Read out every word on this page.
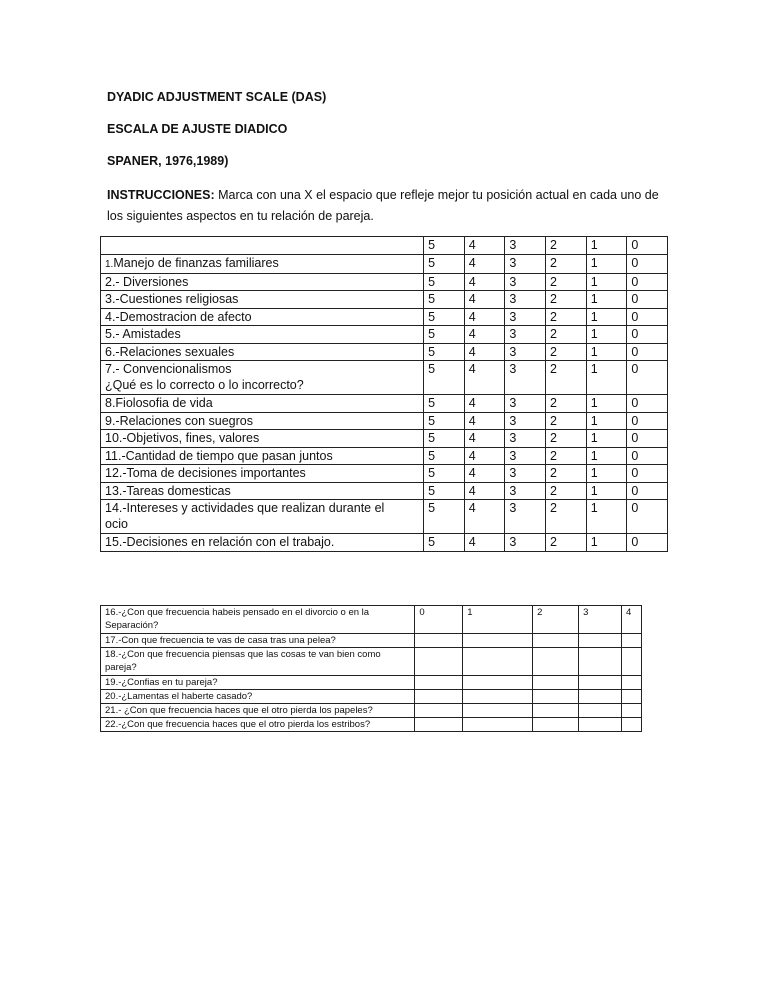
DYADIC ADJUSTMENT SCALE (DAS)
ESCALA DE AJUSTE DIADICO
SPANER, 1976,1989)
INSTRUCCIONES: Marca con una X el espacio que refleje mejor tu posición actual en cada uno de los siguientes aspectos en tu relación de pareja.
	5	4	3	2	1	0
1.Manejo de finanzas familiares	5	4	3	2	1	0
2.- Diversiones	5	4	3	2	1	0
3.-Cuestiones religiosas	5	4	3	2	1	0
4.-Demostracion de afecto	5	4	3	2	1	0
5.- Amistades	5	4	3	2	1	0
6.-Relaciones sexuales	5	4	3	2	1	0
7.- Convencionalismos
¿Qué es lo correcto o lo incorrecto?	5	4	3	2	1	0
8.Fiolosofia de vida	5	4	3	2	1	0
9.-Relaciones con suegros	5	4	3	2	1	0
10.-Objetivos, fines, valores	5	4	3	2	1	0
11.-Cantidad de tiempo que pasan juntos	5	4	3	2	1	0
12.-Toma de decisiones importantes	5	4	3	2	1	0
13.-Tareas domesticas	5	4	3	2	1	0
14.-Intereses y actividades que realizan durante el
ocio	5	4	3	2	1	0
15.-Decisiones en relación con el trabajo.	5	4	3	2	1	0
16.-¿Con que frecuencia habeis pensado en el divorcio o en la
Separación?	0	1	2	3	4
17.-Con que frecuencia te vas de casa tras una pelea?					
18.-¿Con que frecuencia piensas que las cosas te van bien como
pareja?					
19.-¿Confias en tu pareja?					
20.-¿Lamentas el haberte casado?					
21.- ¿Con que frecuencia haces que el otro pierda los papeles?					
22.-¿Con que frecuencia haces que el otro pierda los estribos?					
